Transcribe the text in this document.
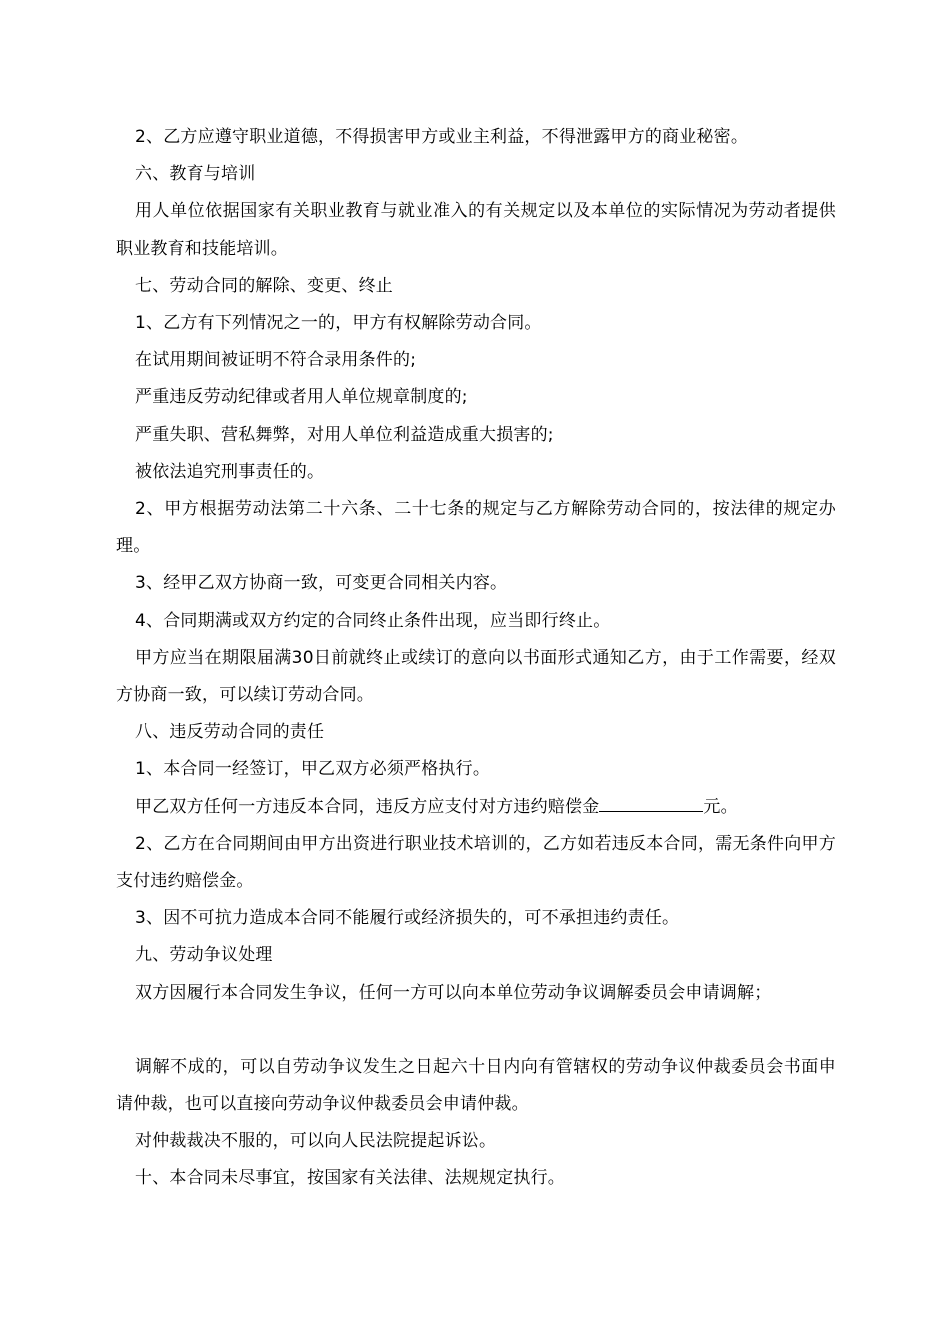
2、乙方应遵守职业道德，不得损害甲方或业主利益，不得泄露甲方的商业秘密。

六、教育与培训

用人单位依据国家有关职业教育与就业准入的有关规定以及本单位的实际情况为劳动者提供职业教育和技能培训。

七、劳动合同的解除、变更、终止

1、乙方有下列情况之一的，甲方有权解除劳动合同。

在试用期间被证明不符合录用条件的;

严重违反劳动纪律或者用人单位规章制度的;

严重失职、营私舞弊，对用人单位利益造成重大损害的;

被依法追究刑事责任的。

2、甲方根据劳动法第二十六条、二十七条的规定与乙方解除劳动合同的，按法律的规定办理。

3、经甲乙双方协商一致，可变更合同相关内容。

4、合同期满或双方约定的合同终止条件出现，应当即行终止。

甲方应当在期限届满30日前就终止或续订的意向以书面形式通知乙方，由于工作需要，经双方协商一致，可以续订劳动合同。

八、违反劳动合同的责任

1、本合同一经签订，甲乙双方必须严格执行。

甲乙双方任何一方违反本合同，违反方应支付对方违约赔偿金	元。

2、乙方在合同期间由甲方出资进行职业技术培训的，乙方如若违反本合同，需无条件向甲方支付违约赔偿金。

3、因不可抗力造成本合同不能履行或经济损失的，可不承担违约责任。

九、劳动争议处理

双方因履行本合同发生争议，任何一方可以向本单位劳动争议调解委员会申请调解；

调解不成的，可以自劳动争议发生之日起六十日内向有管辖权的劳动争议仲裁委员会书面申请仲裁，也可以直接向劳动争议仲裁委员会申请仲裁。

对仲裁裁决不服的，可以向人民法院提起诉讼。

十、本合同未尽事宜，按国家有关法律、法规规定执行。
